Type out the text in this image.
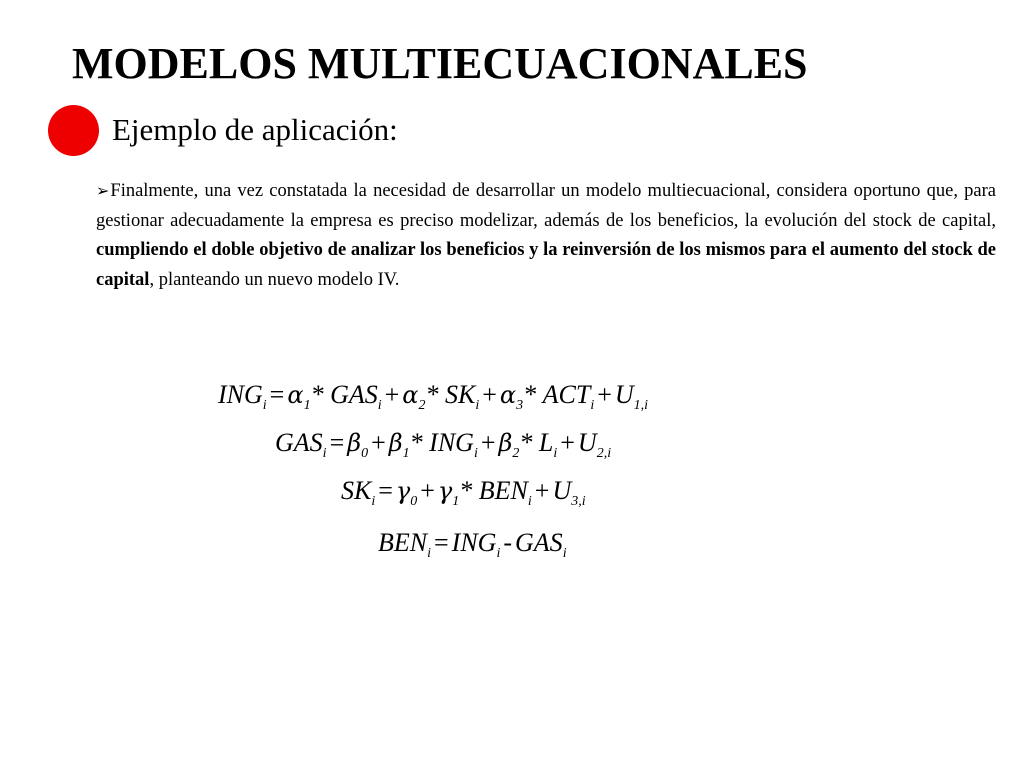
MODELOS MULTIECUACIONALES
Ejemplo de aplicación:
➢Finalmente, una vez constatada la necesidad de desarrollar un modelo multiecuacional, considera oportuno que, para gestionar adecuadamente la empresa es preciso modelizar, además de los beneficios, la evolución del stock de capital, cumpliendo el doble objetivo de analizar los beneficios y la reinversión de los mismos para el aumento del stock de capital, planteando un nuevo modelo IV.
$ING_i = \alpha_1*$ $GAS_i + \alpha_2*$ $SK_i + \alpha_3*$ $ACT_i + U_{1,i}$
$GAS_i = \beta_0 + \beta_1*$ $ING_i + \beta_2*$ $L_i + U_{2,i}$
$SK_i = \gamma_0 + \gamma_1*$ $BEN_i + U_{3,i}$
$BEN_i = ING_i - GAS_i$
